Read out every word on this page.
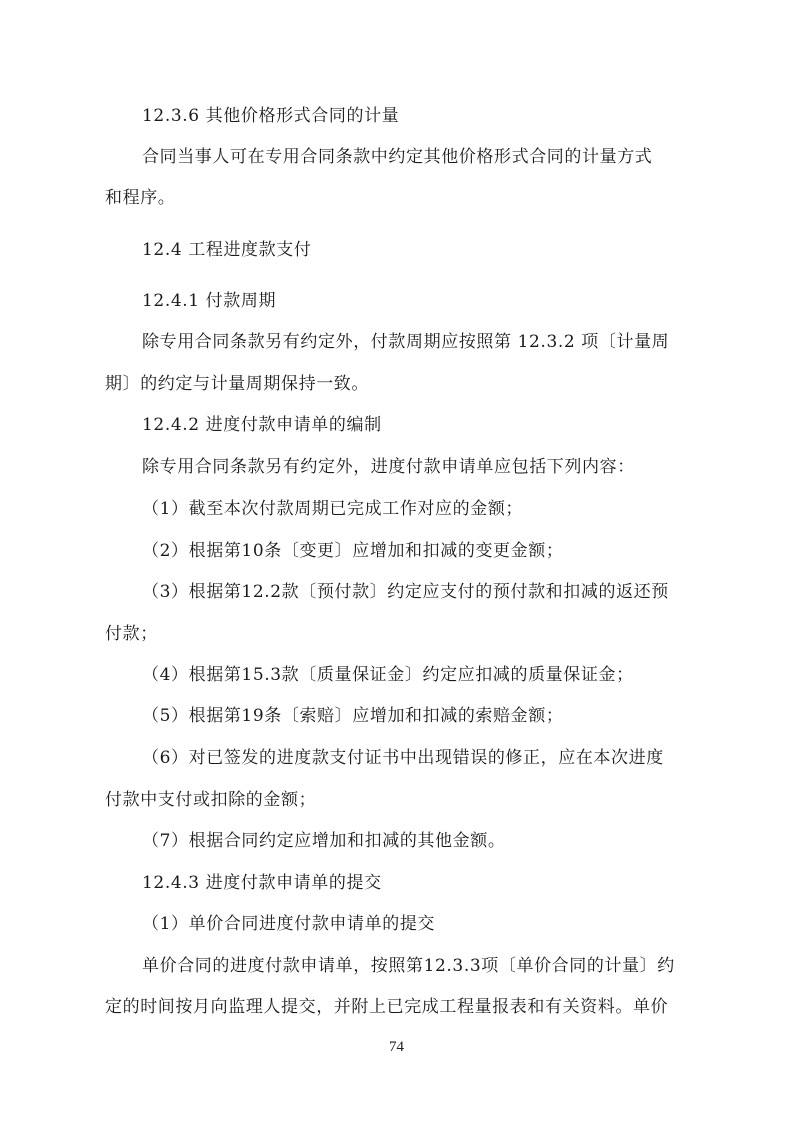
12.3.6 其他价格形式合同的计量
合同当事人可在专用合同条款中约定其他价格形式合同的计量方式
和程序。
12.4 工程进度款支付
12.4.1 付款周期
除专用合同条款另有约定外，付款周期应按照第 12.3.2 项〔计量周
期〕的约定与计量周期保持一致。
12.4.2 进度付款申请单的编制
除专用合同条款另有约定外，进度付款申请单应包括下列内容：
（1）截至本次付款周期已完成工作对应的金额；
（2）根据第10条〔变更〕应增加和扣减的变更金额；
（3）根据第12.2款〔预付款〕约定应支付的预付款和扣减的返还预
付款；
（4）根据第15.3款〔质量保证金〕约定应扣减的质量保证金；
（5）根据第19条〔索赔〕应增加和扣减的索赔金额；
（6）对已签发的进度款支付证书中出现错误的修正，应在本次进度
付款中支付或扣除的金额；
（7）根据合同约定应增加和扣减的其他金额。
12.4.3 进度付款申请单的提交
（1）单价合同进度付款申请单的提交
单价合同的进度付款申请单，按照第12.3.3项〔单价合同的计量〕约
定的时间按月向监理人提交，并附上已完成工程量报表和有关资料。单价
74
